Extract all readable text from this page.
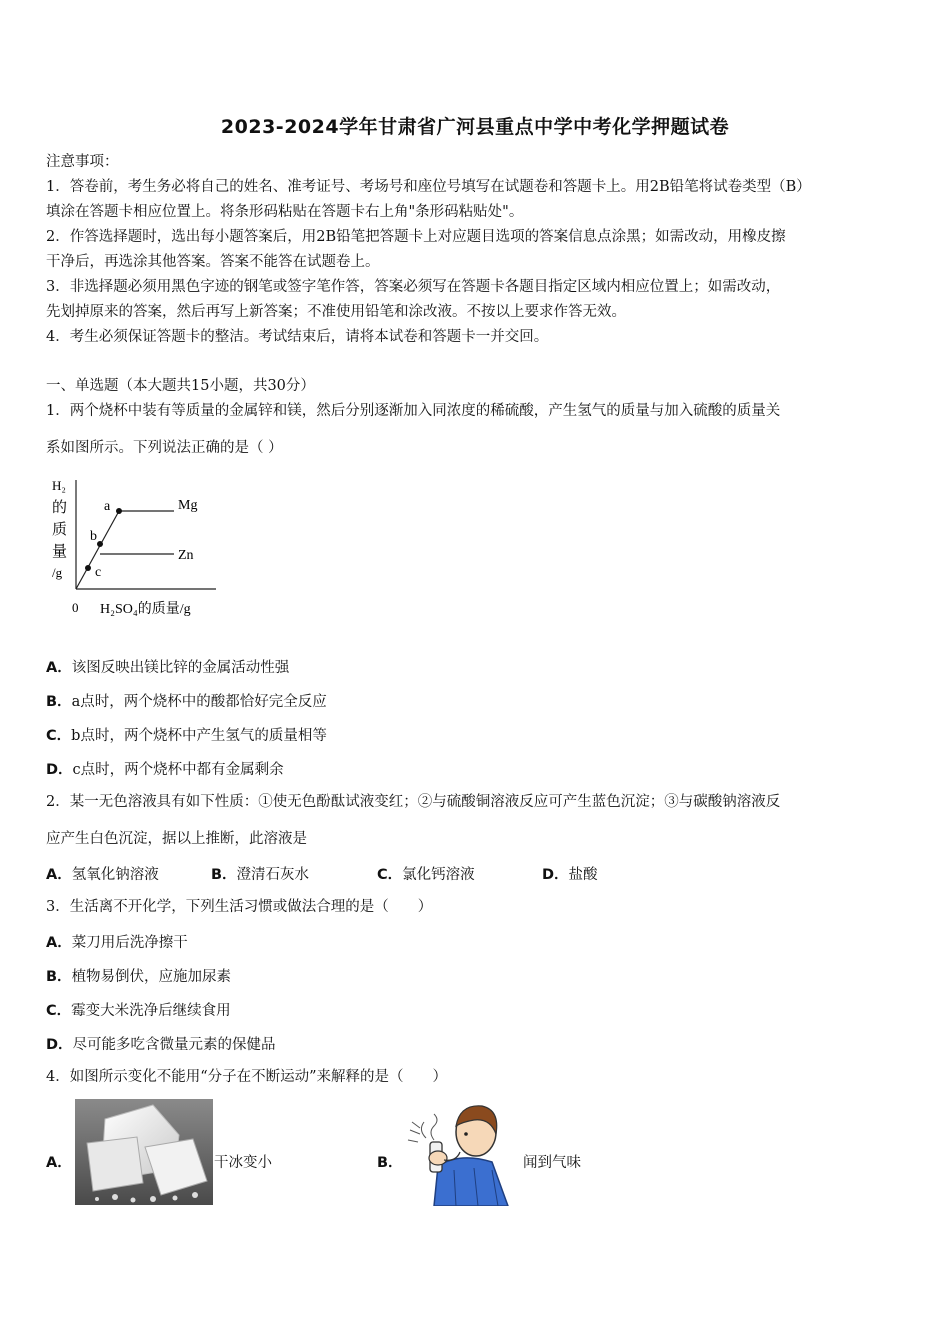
2023-2024学年甘肃省广河县重点中学中考化学押题试卷
注意事项：
1．答卷前，考生务必将自己的姓名、准考证号、考场号和座位号填写在试题卷和答题卡上。用2B铅笔将试卷类型（B）
填涂在答题卡相应位置上。将条形码粘贴在答题卡右上角"条形码粘贴处"。
2．作答选择题时，选出每小题答案后，用2B铅笔把答题卡上对应题目选项的答案信息点涂黑；如需改动，用橡皮擦
干净后，再选涂其他答案。答案不能答在试题卷上。
3．非选择题必须用黑色字迹的钢笔或签字笔作答，答案必须写在答题卡各题目指定区域内相应位置上；如需改动，
先划掉原来的答案，然后再写上新答案；不准使用铅笔和涂改液。不按以上要求作答无效。
4．考生必须保证答题卡的整洁。考试结束后，请将本试卷和答题卡一并交回。
一、单选题（本大题共15小题，共30分）
1．两个烧杯中装有等质量的金属锌和镁，然后分别逐渐加入同浓度的稀硫酸，产生氢气的质量与加入硫酸的质量关
系如图所示。下列说法正确的是（ ）
H₂
的
质
量
/g
0 H₂SO₄的质量/g
Mg
Zn
a
b
c
A．该图反映出镁比锌的金属活动性强
B．a点时，两个烧杯中的酸都恰好完全反应
C．b点时，两个烧杯中产生氢气的质量相等
D．c点时，两个烧杯中都有金属剩余
2．某一无色溶液具有如下性质：①使无色酚酞试液变红；②与硫酸铜溶液反应可产生蓝色沉淀；③与碳酸钠溶液反
应产生白色沉淀，据以上推断，此溶液是
A．氢氧化钠溶液	B．澄清石灰水	C．氯化钙溶液	D．盐酸
3．生活离不开化学，下列生活习惯或做法合理的是（　　）
A．菜刀用后洗净擦干
B．植物易倒伏，应施加尿素
C．霉变大米洗净后继续食用
D．尽可能多吃含微量元素的保健品
4．如图所示变化不能用“分子在不断运动”来解释的是（　　）
A．	干冰变小	B．	闻到气味
